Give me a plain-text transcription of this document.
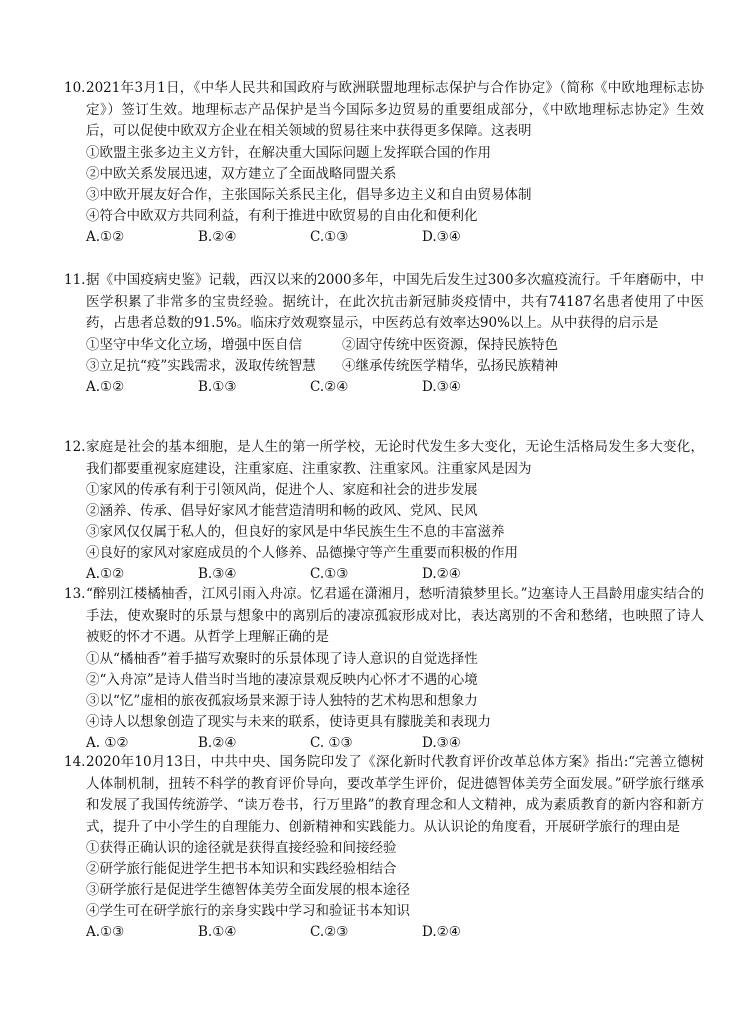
10. 2021年3月1日，《中华人民共和国政府与欧洲联盟地理标志保护与合作协定》（简称《中欧地理标志协定》）签订生效。地理标志产品保护是当今国际多边贸易的重要组成部分，《中欧地理标志协定》生效后，可以促使中欧双方企业在相关领域的贸易往来中获得更多保障。这表明
①欧盟主张多边主义方针，在解决重大国际问题上发挥联合国的作用
②中欧关系发展迅速，双方建立了全面战略同盟关系
③中欧开展友好合作，主张国际关系民主化，倡导多边主义和自由贸易体制
④符合中欧双方共同利益，有利于推进中欧贸易的自由化和便利化
A.①②	B.②④	C.①③	D.③④
11. 据《中国疫病史鉴》记载，西汉以来的2000多年，中国先后发生过300多次瘟疫流行。千年磨砺中，中医学积累了非常多的宝贵经验。据统计，在此次抗击新冠肺炎疫情中，共有74187名患者使用了中医药，占患者总数的91.5%。临床疗效观察显示，中医药总有效率达90%以上。从中获得的启示是
①坚守中华文化立场，增强中医自信	②固守传统中医资源，保持民族特色
③立足抗“疫”实践需求，汲取传统智慧	④继承传统医学精华，弘扬民族精神
A.①②	B.①③	C.②④	D.③④
12. 家庭是社会的基本细胞，是人生的第一所学校，无论时代发生多大变化，无论生活格局发生多大变化，我们都要重视家庭建设，注重家庭、注重家教、注重家风。注重家风是因为
①家风的传承有利于引领风尚，促进个人、家庭和社会的进步发展
②涵养、传承、倡导好家风才能营造清明和畅的政风、党风、民风
③家风仅仅属于私人的，但良好的家风是中华民族生生不息的丰富滋养
④良好的家风对家庭成员的个人修养、品德操守等产生重要而积极的作用
A.①②	B.③④	C.①③	D.②④
13. “醉别江楼橘柚香，江风引雨入舟凉。忆君遥在潇湘月，愁听清猿梦里长。”边塞诗人王昌龄用虚实结合的手法，使欢聚时的乐景与想象中的离别后的凄凉孤寂形成对比，表达离别的不舍和愁绪，也映照了诗人被贬的怀才不遇。从哲学上理解正确的是
①从“橘柚香”着手描写欢聚时的乐景体现了诗人意识的自觉选择性
②“入舟凉”是诗人借当时当地的凄凉景观反映内心怀才不遇的心境
③以“忆”虚相的旅夜孤寂场景来源于诗人独特的艺术构思和想象力
④诗人以想象创造了现实与未来的联系，使诗更具有朦胧美和表现力
A. ①②	B.②④	C. ①③	D.③④
14. 2020年10月13日，中共中央、国务院印发了《深化新时代教育评价改革总体方案》指出:“完善立德树人体制机制，扭转不科学的教育评价导向，要改革学生评价，促进德智体美劳全面发展。”研学旅行继承和发展了我国传统游学、“读万卷书，行万里路”的教育理念和人文精神，成为素质教育的新内容和新方式，提升了中小学生的自理能力、创新精神和实践能力。从认识论的角度看，开展研学旅行的理由是
①获得正确认识的途径就是获得直接经验和间接经验
②研学旅行能促进学生把书本知识和实践经验相结合
③研学旅行是促进学生德智体美劳全面发展的根本途径
④学生可在研学旅行的亲身实践中学习和验证书本知识
A.①③	B.①④	C.②③	D.②④
